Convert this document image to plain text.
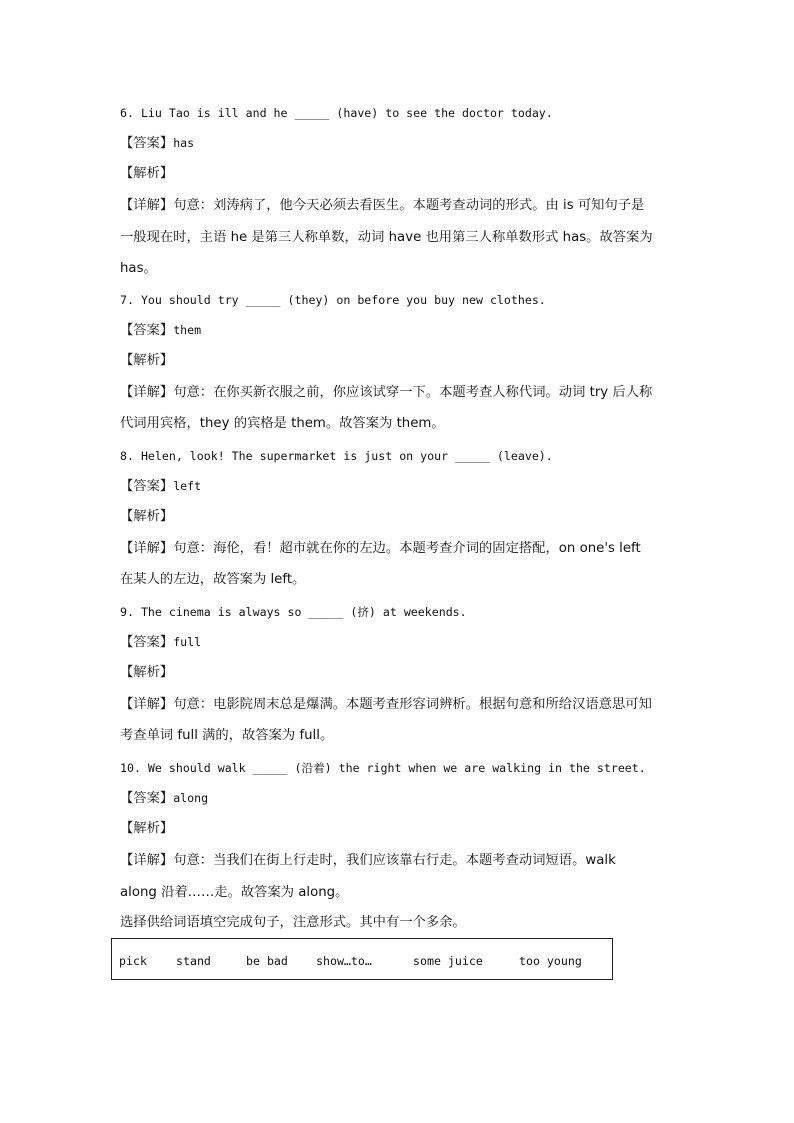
6. Liu Tao is ill and he _____ (have) to see the doctor today.
【答案】has
【解析】
【详解】句意：刘涛病了，他今天必须去看医生。本题考查动词的形式。由 is 可知句子是
一般现在时，主语 he 是第三人称单数，动词 have 也用第三人称单数形式 has。故答案为
has。
7. You should try _____ (they) on before you buy new clothes.
【答案】them
【解析】
【详解】句意：在你买新衣服之前，你应该试穿一下。本题考查人称代词。动词 try 后人称
代词用宾格，they 的宾格是 them。故答案为 them。
8. Helen, look! The supermarket is just on your _____ (leave).
【答案】left
【解析】
【详解】句意：海伦，看！超市就在你的左边。本题考查介词的固定搭配，on one's left
在某人的左边，故答案为 left。
9. The cinema is always so _____ (挤) at weekends.
【答案】full
【解析】
【详解】句意：电影院周末总是爆满。本题考查形容词辨析。根据句意和所给汉语意思可知
考查单词 full 满的，故答案为 full。
10. We should walk _____ (沿着) the right when we are walking in the street.
【答案】along
【解析】
【详解】句意：当我们在街上行走时，我们应该靠右行走。本题考查动词短语。walk
along 沿着……走。故答案为 along。
选择供给词语填空完成句子，注意形式。其中有一个多余。
pick	stand	be bad show…to…	some juice	too young
